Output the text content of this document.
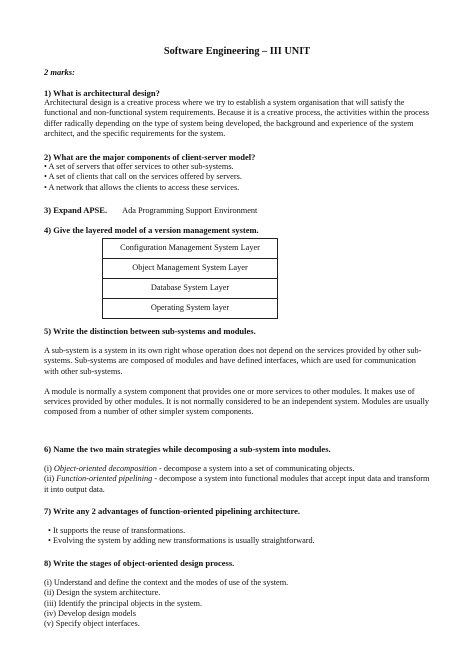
Software Engineering – III UNIT

2 marks:

1) What is architectural design?

Architectural design is a creative process where we try to establish a system organisation that will satisfy the functional and non-functional system requirements. Because it is a creative process, the activities within the process differ radically depending on the type of system being developed, the background and experience of the system architect, and the specific requirements for the system.

2) What are the major components of client-server model?

• A set of servers that offer services to other sub-systems.

• A set of clients that call on the services offered by servers.

• A network that allows the clients to access these services.

3) Expand APSE. Ada Programming Support Environment

4) Give the layered model of a version management system.

Configuration Management System Layer
Object Management System Layer
Database System Layer
Operating System layer

5) Write the distinction between sub-systems and modules.

A sub-system is a system in its own right whose operation does not depend on the services provided by other sub-systems. Sub-systems are composed of modules and have defined interfaces, which are used for communication with other sub-systems.

A module is normally a system component that provides one or more services to other modules. It makes use of services provided by other modules. It is not normally considered to be an independent system. Modules are usually composed from a number of other simpler system components.

6) Name the two main strategies while decomposing a sub-system into modules.

(i) Object-oriented decomposition - decompose a system into a set of communicating objects.

(ii) Function-oriented pipelining - decompose a system into functional modules that accept input data and transform it into output data.

7) Write any 2 advantages of function-oriented pipelining architecture.

• It supports the reuse of transformations.

• Evolving the system by adding new transformations is usually straightforward.

8) Write the stages of object-oriented design process.

(i) Understand and define the context and the modes of use of the system.

(ii) Design the system architecture.

(iii) Identify the principal objects in the system.

(iv) Develop design models

(v) Specify object interfaces.
